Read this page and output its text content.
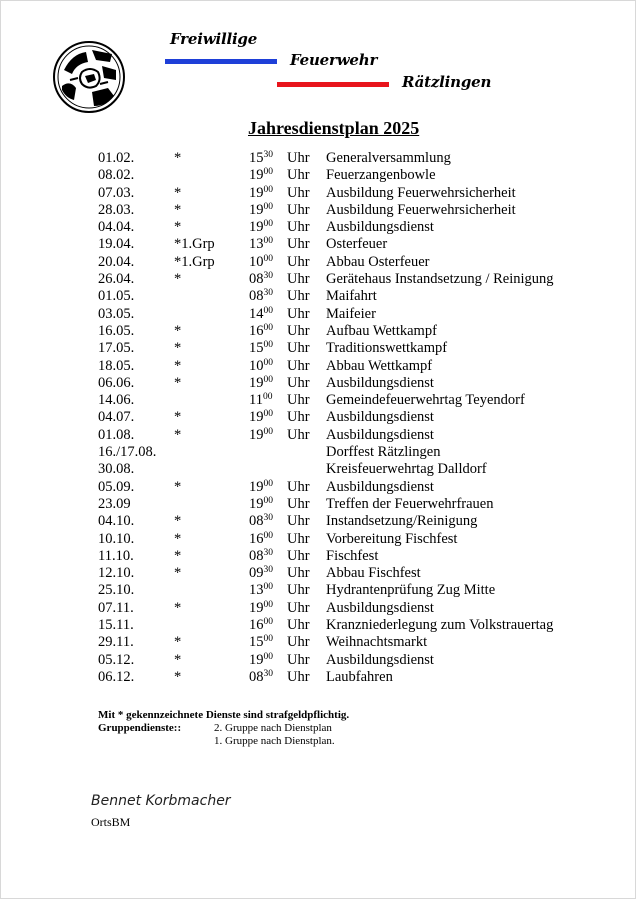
Freiwillige
Feuerwehr
Rätzlingen
Jahresdienstplan 2025
01.02.	*	$15^{30}$ Uhr Generalversammlung
08.02.	$19^{00}$ Uhr Feuerzangenbowle
07.03.	*	$19^{00}$ Uhr Ausbildung Feuerwehrsicherheit
28.03.	*	$19^{00}$ Uhr Ausbildung Feuerwehrsicherheit
04.04.	*	$19^{00}$ Uhr Ausbildungsdienst
19.04.	*1.Grp $13^{00}$ Uhr Osterfeuer
20.04.	*1.Grp $10^{00}$ Uhr Abbau Osterfeuer
26.04.	*	$08^{30}$ Uhr Gerätehaus Instandsetzung / Reinigung
01.05.	$08^{30}$ Uhr Maifahrt
03.05.	$14^{00}$ Uhr Maifeier
16.05.	*	$16^{00}$ Uhr Aufbau Wettkampf
17.05.	*	$15^{00}$ Uhr Traditionswettkampf
18.05.	*	$10^{00}$ Uhr Abbau Wettkampf
06.06.	*	$19^{00}$ Uhr Ausbildungsdienst
14.06.	$11^{00}$ Uhr Gemeindefeuerwehrtag Teyendorf
04.07.	*	$19^{00}$ Uhr Ausbildungsdienst
01.08.	*	$19^{00}$ Uhr Ausbildungsdienst
16./17.08.	Dorffest Rätzlingen
30.08.	Kreisfeuerwehrtag Dalldorf
05.09.	*	$19^{00}$ Uhr Ausbildungsdienst
23.09	$19^{00}$ Uhr Treffen der Feuerwehrfrauen
04.10.	*	$08^{30}$ Uhr Instandsetzung/Reinigung
10.10.	*	$16^{00}$ Uhr Vorbereitung Fischfest
11.10.	*	$08^{30}$ Uhr Fischfest
12.10.	*	$09^{30}$ Uhr Abbau Fischfest
25.10.	$13^{00}$ Uhr Hydrantenprüfung Zug Mitte
07.11.	*	$19^{00}$ Uhr Ausbildungsdienst
15.11.	$16^{00}$ Uhr Kranzniederlegung zum Volkstrauertag
29.11.	*	$15^{00}$ Uhr Weihnachtsmarkt
05.12.	*	$19^{00}$ Uhr Ausbildungsdienst
06.12.	*	$08^{30}$ Uhr Laubfahren
Mit * gekennzeichnete Dienste sind strafgeldpflichtig.
Gruppendienste::	2. Gruppe nach Dienstplan
1. Gruppe nach Dienstplan.
Bennet Korbmacher
OrtsBM
